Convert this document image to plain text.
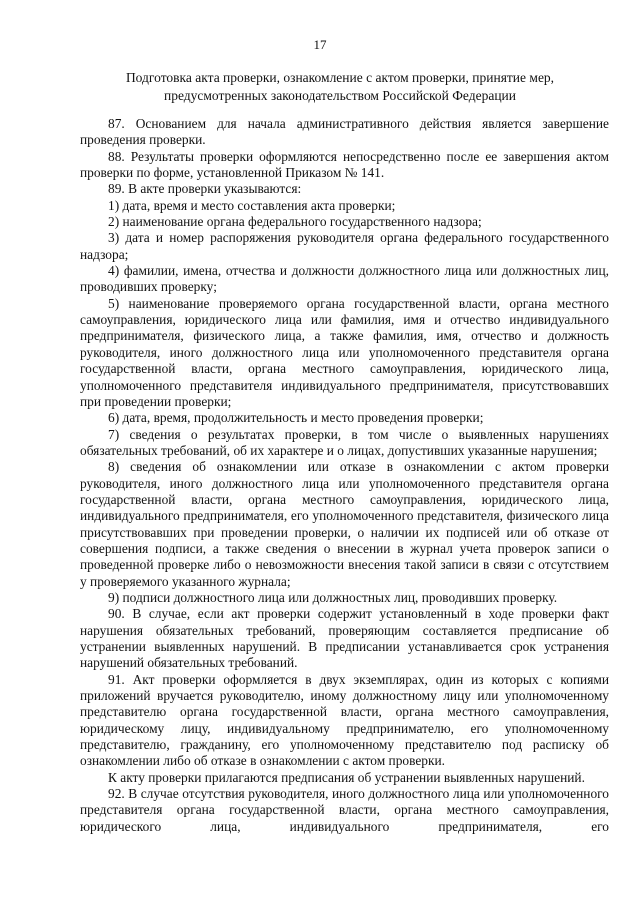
17
Подготовка акта проверки, ознакомление с актом проверки, принятие мер, предусмотренных законодательством Российской Федерации

87. Основанием для начала административного действия является завершение проведения проверки.

88. Результаты проверки оформляются непосредственно после ее завершения актом проверки по форме, установленной Приказом № 141.

89. В акте проверки указываются:

1) дата, время и место составления акта проверки;

2) наименование органа федерального государственного надзора;

3) дата и номер распоряжения руководителя органа федерального государственного надзора;

4) фамилии, имена, отчества и должности должностного лица или должностных лиц, проводивших проверку;

5) наименование проверяемого органа государственной власти, органа местного самоуправления, юридического лица или фамилия, имя и отчество индивидуального предпринимателя, физического лица, а также фамилия, имя, отчество и должность руководителя, иного должностного лица или уполномоченного представителя органа государственной власти, органа местного самоуправления, юридического лица, уполномоченного представителя индивидуального предпринимателя, присутствовавших при проведении проверки;

6) дата, время, продолжительность и место проведения проверки;

7) сведения о результатах проверки, в том числе о выявленных нарушениях обязательных требований, об их характере и о лицах, допустивших указанные нарушения;

8) сведения об ознакомлении или отказе в ознакомлении с актом проверки руководителя, иного должностного лица или уполномоченного представителя органа государственной власти, органа местного самоуправления, юридического лица, индивидуального предпринимателя, его уполномоченного представителя, физического лица присутствовавших при проведении проверки, о наличии их подписей или об отказе от совершения подписи, а также сведения о внесении в журнал учета проверок записи о проведенной проверке либо о невозможности внесения такой записи в связи с отсутствием у проверяемого указанного журнала;

9) подписи должностного лица или должностных лиц, проводивших проверку.

90. В случае, если акт проверки содержит установленный в ходе проверки факт нарушения обязательных требований, проверяющим составляется предписание об устранении выявленных нарушений. В предписании устанавливается срок устранения нарушений обязательных требований.

91. Акт проверки оформляется в двух экземплярах, один из которых с копиями приложений вручается руководителю, иному должностному лицу или уполномоченному представителю органа государственной власти, органа местного самоуправления, юридическому лицу, индивидуальному предпринимателю, его уполномоченному представителю, гражданину, его уполномоченному представителю под расписку об ознакомлении либо об отказе в ознакомлении с актом проверки.

К акту проверки прилагаются предписания об устранении выявленных нарушений.

92. В случае отсутствия руководителя, иного должностного лица или уполномоченного представителя органа государственной власти, органа местного самоуправления, юридического лица, индивидуального предпринимателя, его
